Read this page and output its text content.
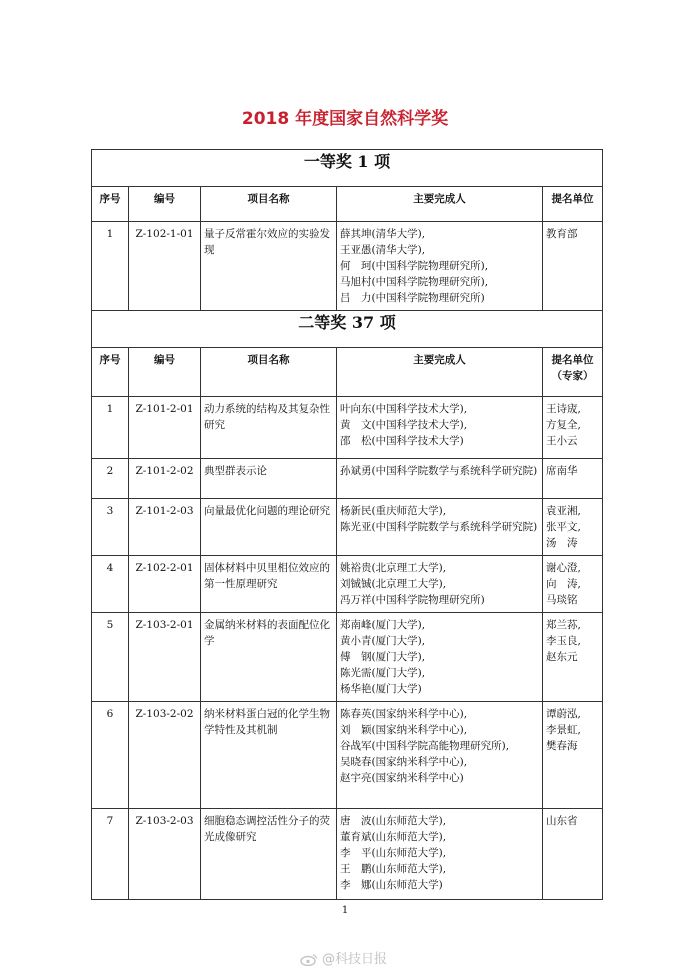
2018 年度国家自然科学奖
一等奖 1 项				
序号	编号	项目名称	主要完成人	提名单位
1	Z-102-1-01	量子反常霍尔效应的实验发现	薛其坤(清华大学),
王亚愚(清华大学),
何　珂(中国科学院物理研究所),
马旭村(中国科学院物理研究所),
吕　力(中国科学院物理研究所)	教育部

二等奖 37 项				
序号	编号	项目名称	主要完成人	提名单位（专家）
1	Z-101-2-01	动力系统的结构及其复杂性研究	叶向东(中国科学技术大学),
黄　文(中国科学技术大学),
邵　松(中国科学技术大学)	王诗宬,
方复全,
王小云

2	Z-101-2-02	典型群表示论	孙斌勇(中国科学院数学与系统科学研究院)	席南华

3	Z-101-2-03	向量最优化问题的理论研究	杨新民(重庆师范大学),
陈光亚(中国科学院数学与系统科学研究院)	袁亚湘,
张平文,
汤　涛

4	Z-102-2-01	固体材料中贝里相位效应的第一性原理研究	姚裕贵(北京理工大学),
刘铖铖(北京理工大学),
冯万祥(中国科学院物理研究所)	谢心澄,
向　涛,
马琰铭

5	Z-103-2-01	金属纳米材料的表面配位化学	郑南峰(厦门大学),
黄小青(厦门大学),
傅　钢(厦门大学),
陈光需(厦门大学),
杨华艳(厦门大学)	郑兰荪,
李玉良,
赵东元

6	Z-103-2-02	纳米材料蛋白冠的化学生物学特性及其机制	陈春英(国家纳米科学中心),
刘　颖(国家纳米科学中心),
谷战军(中国科学院高能物理研究所),
吴晓春(国家纳米科学中心),
赵宇亮(国家纳米科学中心)	谭蔚泓,
李景虹,
樊春海

7	Z-103-2-03	细胞稳态调控活性分子的荧光成像研究	唐　波(山东师范大学),
董育斌(山东师范大学),
李　平(山东师范大学),
王　鹏(山东师范大学),
李　娜(山东师范大学)	山东省
1
@科技日报
